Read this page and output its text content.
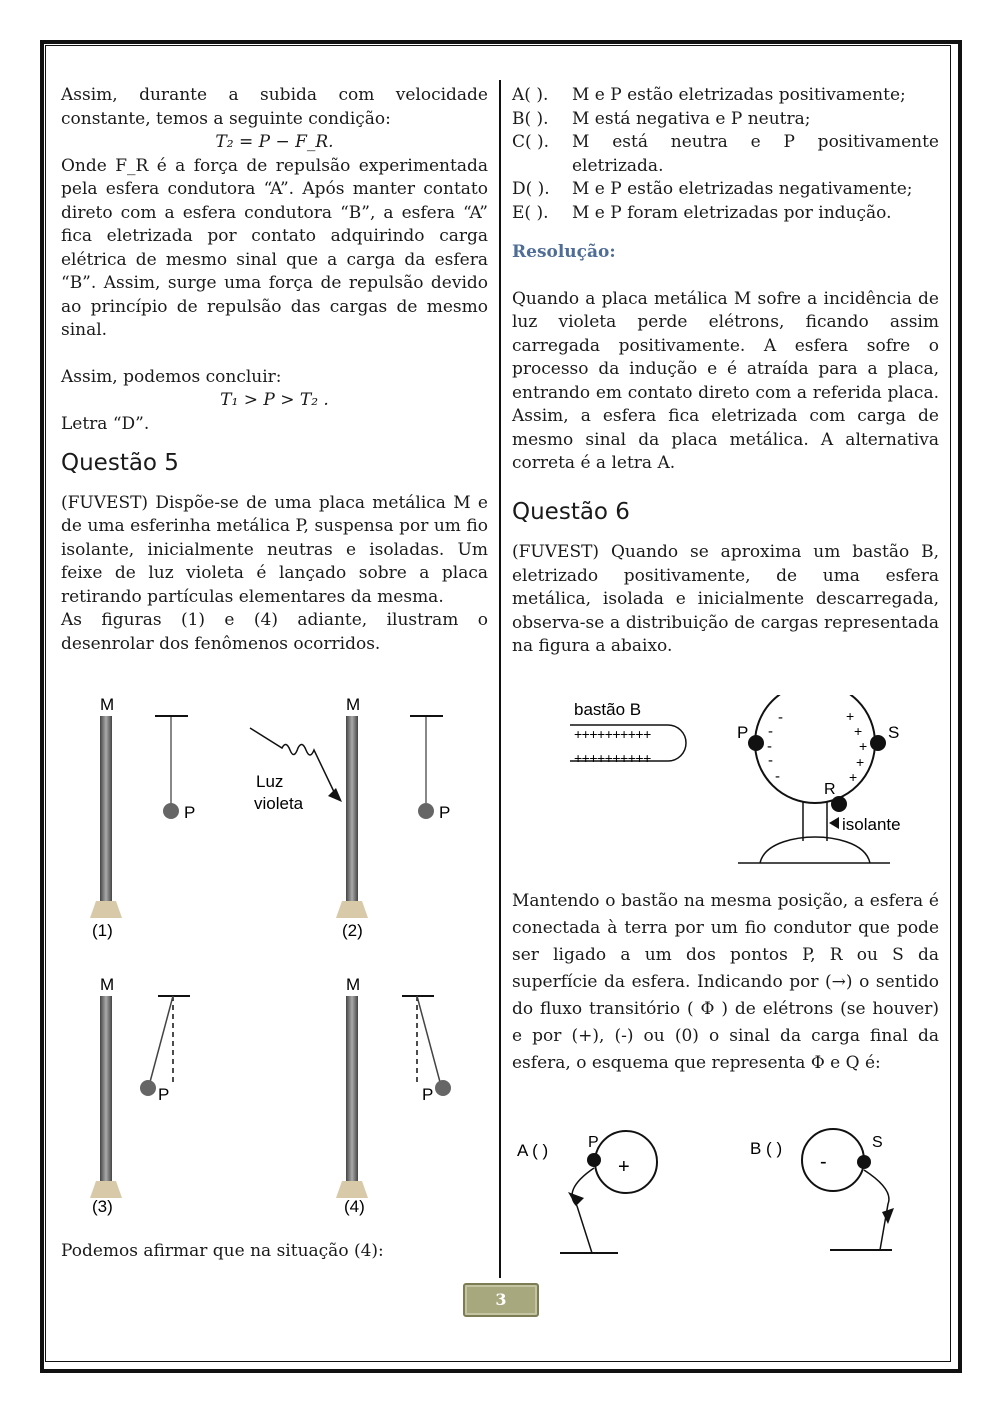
Assim, durante a subida com velocidade constante, temos a seguinte condição:

T₂ = P − F_R.

Onde F_R é a força de repulsão experimentada pela esfera condutora “A”. Após manter contato direto com a esfera condutora “B”, a esfera “A” fica eletrizada por contato adquirindo carga elétrica de mesmo sinal que a carga da esfera “B”. Assim, surge uma força de repulsão devido ao princípio de repulsão das cargas de mesmo sinal.

Assim, podemos concluir:

T₁ > P > T₂ .

Letra “D”.

Questão 5

(FUVEST) Dispõe-se de uma placa metálica M e de uma esferinha metálica P, suspensa por um fio isolante, inicialmente neutras e isoladas. Um feixe de luz violeta é lançado sobre a placa retirando partículas elementares da mesma.

As figuras (1) e (4) adiante, ilustram o desenrolar dos fenômenos ocorridos.

M
P
(1)
M
Luz
violeta	P
(2)
M
P
(3)
M
P
(4)

Podemos afirmar que na situação (4):

A( ).	M e P estão eletrizadas positivamente;
B( ).	M está negativa e P neutra;
C( ).	M está neutra e P positivamente eletrizada.
D( ).	M e P estão eletrizadas negativamente;
E( ).	M e P foram eletrizadas por indução.

Resolução:

Quando a placa metálica M sofre a incidência de luz violeta perde elétrons, ficando assim carregada positivamente. A esfera sofre o processo da indução e é atraída para a placa, entrando em contato direto com a referida placa. Assim, a esfera fica eletrizada com carga de mesmo sinal da placa metálica. A alternativa correta é a letra A.

Questão 6

(FUVEST) Quando se aproxima um bastão B, eletrizado positivamente, de uma esfera metálica, isolada e inicialmente descarregada, observa-se a distribuição de cargas representada na figura a abaixo.

bastão B
++++++++++
++++++++++
P	S
R
-
-
-
-
-
+
+
+
+
+
isolante

Mantendo o bastão na mesma posição, a esfera é conectada à terra por um fio condutor que pode ser ligado a um dos pontos P, R ou S da superfície da esfera. Indicando por (→) o sentido do fluxo transitório ( Φ ) de elétrons (se houver) e por (+), (-) ou (0) o sinal da carga final da esfera, o esquema que representa Φ e Q é:

A ( ) P
+
B ( )	S
-
3
